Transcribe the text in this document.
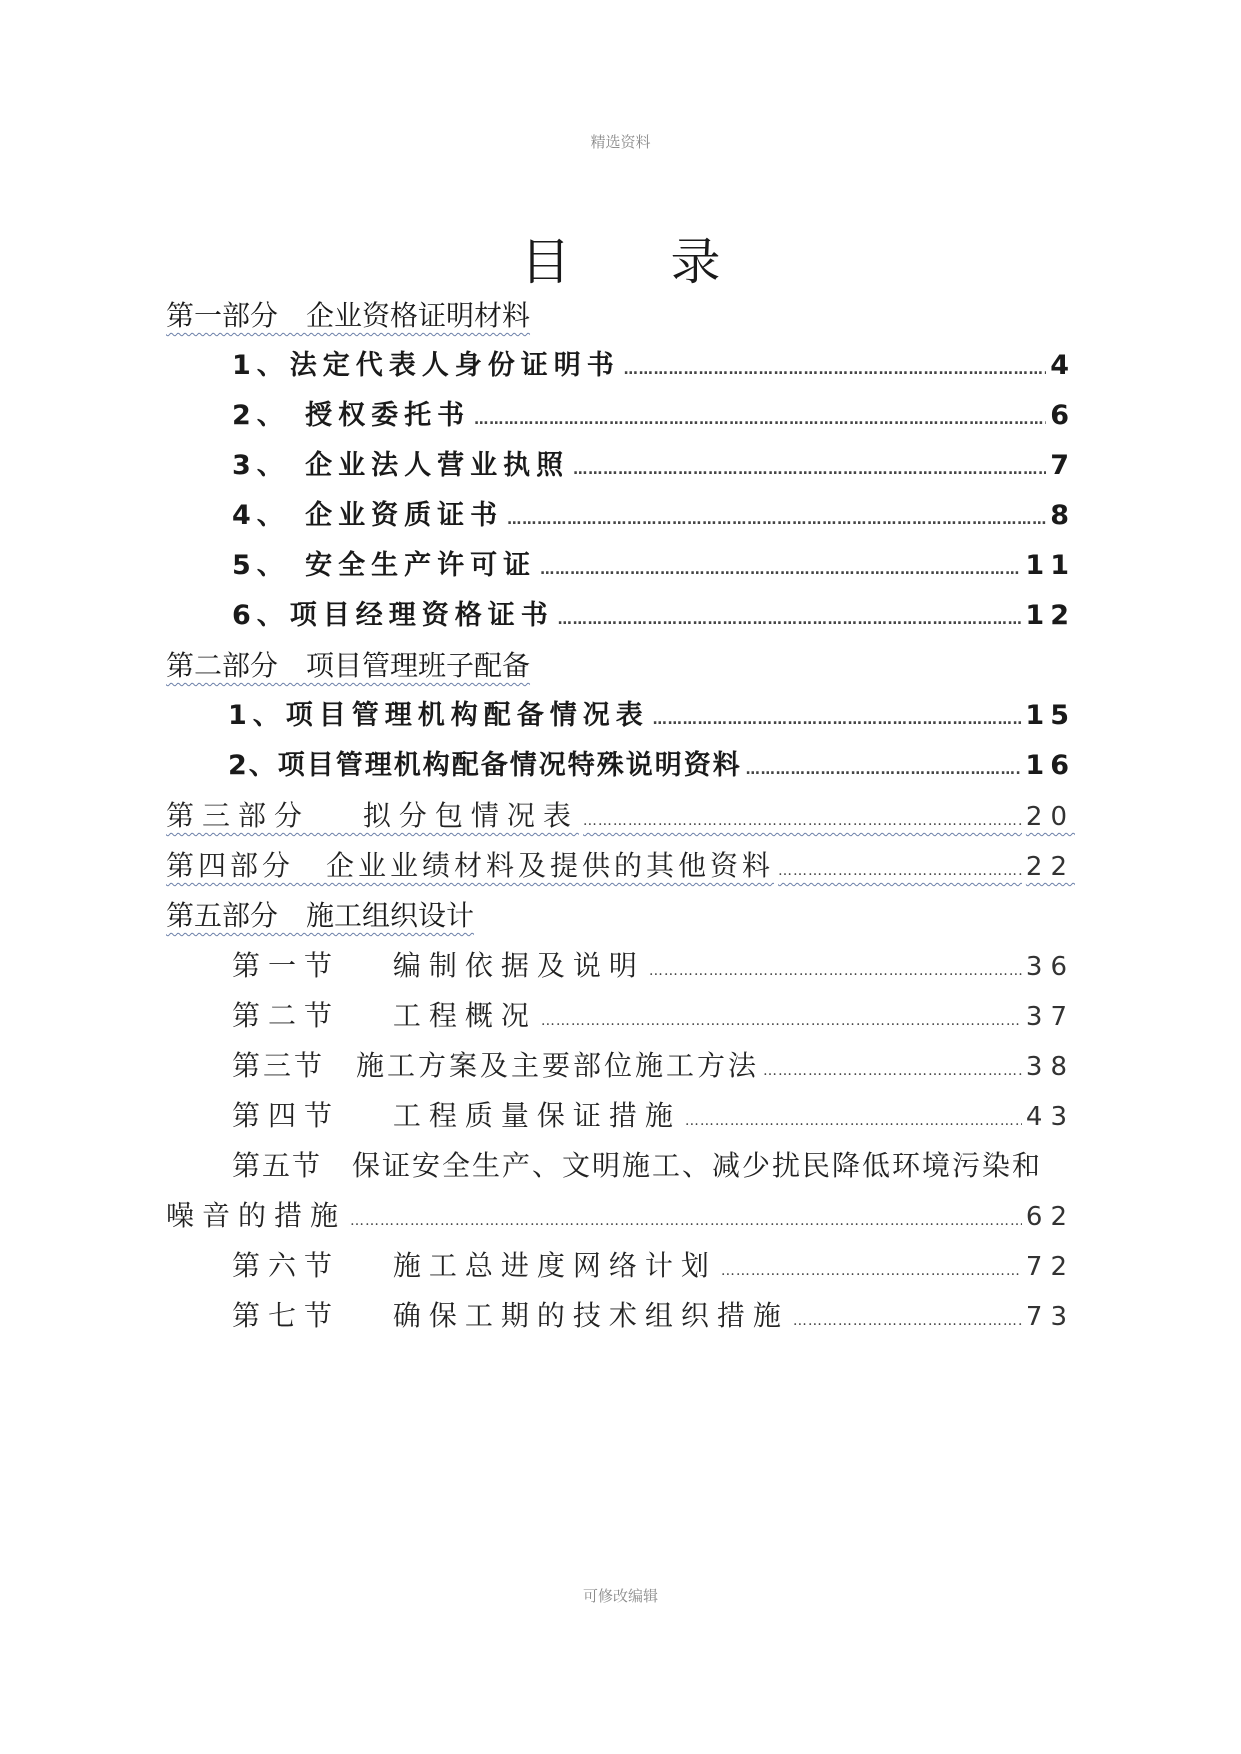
精选资料
目录
第一部分　企业资格证明材料
1、法定代表人身份证明书 ……………………………………………………………………………………………………………………………………………………………………………………………………………………	4
2、 授权委托书 ……………………………………………………………………………………………………………………………………………………………………………………………………………………	6
3、 企业法人营业执照 ……………………………………………………………………………………………………………………………………………………………………………………………………………………	7
4、 企业资质证书 ……………………………………………………………………………………………………………………………………………………………………………………………………………………	8
5、 安全生产许可证 ……………………………………………………………………………………………………………………………………………………………………………………………………………………	11
6、项目经理资格证书 ……………………………………………………………………………………………………………………………………………………………………………………………………………………	12
第二部分　项目管理班子配备
1、项目管理机构配备情况表 ……………………………………………………………………………………………………………………………………………………………………………………………………………………	15
2、项目管理机构配备情况特殊说明资料 ……………………………………………………………………………………………………………………………………………………………………………………………………………………	16
第三部分　 拟分包情况表 ……………………………………………………………………………………………………………………………………………………………………………………………………………………	20
第四部分　企业业绩材料及提供的其他资料 ……………………………………………………………………………………………………………………………………………………………………………………………………………………	22
第五部分　施工组织设计
第一节　 编制依据及说明 ……………………………………………………………………………………………………………………………………………………………………………………………………………………	36
第二节　 工程概况 ……………………………………………………………………………………………………………………………………………………………………………………………………………………	37
第三节　施工方案及主要部位施工方法 ……………………………………………………………………………………………………………………………………………………………………………………………………………………	38
第四节　 工程质量保证措施 ……………………………………………………………………………………………………………………………………………………………………………………………………………………	43
第五节　保证安全生产、文明施工、减少扰民降低环境污染和
噪音的措施 ……………………………………………………………………………………………………………………………………………………………………………………………………………………	62
第六节　 施工总进度网络计划 ……………………………………………………………………………………………………………………………………………………………………………………………………………………	72
第七节　 确保工期的技术组织措施 ……………………………………………………………………………………………………………………………………………………………………………………………………………………	73
可修改编辑
